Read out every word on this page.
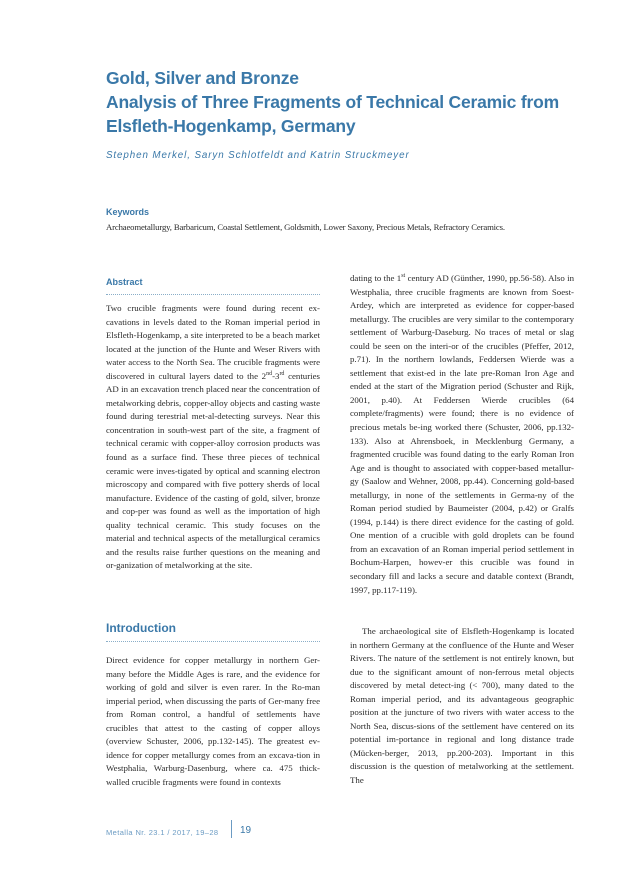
Gold, Silver and Bronze
Analysis of Three Fragments of Technical Ceramic from
Elsfleth-Hogenkamp, Germany
Stephen Merkel, Saryn Schlotfeldt and Katrin Struckmeyer
Keywords
Archaeometallurgy, Barbaricum, Coastal Settlement, Goldsmith, Lower Saxony, Precious Metals, Refractory Ceramics.
Abstract
Two crucible fragments were found during recent ex-cavations in levels dated to the Roman imperial period in Elsfleth-Hogenkamp, a site interpreted to be a beach market located at the junction of the Hunte and Weser Rivers with water access to the North Sea. The crucible fragments were discovered in cultural layers dated to the 2nd-3rd centuries AD in an excavation trench placed near the concentration of metalworking debris, copper-alloy objects and casting waste found during terestrial met-al-detecting surveys. Near this concentration in south-west part of the site, a fragment of technical ceramic with copper-alloy corrosion products was found as a surface find. These three pieces of technical ceramic were inves-tigated by optical and scanning electron microscopy and compared with five pottery sherds of local manufacture. Evidence of the casting of gold, silver, bronze and cop-per was found as well as the importation of high quality technical ceramic. This study focuses on the material and technical aspects of the metallurgical ceramics and the results raise further questions on the meaning and or-ganization of metalworking at the site.
Introduction
Direct evidence for copper metallurgy in northern Ger-many before the Middle Ages is rare, and the evidence for working of gold and silver is even rarer. In the Ro-man imperial period, when discussing the parts of Ger-many free from Roman control, a handful of settlements have crucibles that attest to the casting of copper alloys (overview Schuster, 2006, pp.132-145). The greatest ev-idence for copper metallurgy comes from an excava-tion in Westphalia, Warburg-Dasenburg, where ca. 475 thick-walled crucible fragments were found in contexts
dating to the 1st century AD (Günther, 1990, pp.56-58). Also in Westphalia, three crucible fragments are known from Soest-Ardey, which are interpreted as evidence for copper-based metallurgy. The crucibles are very similar to the contemporary settlement of Warburg-Daseburg. No traces of metal or slag could be seen on the interi-or of the crucibles (Pfeffer, 2012, p.71). In the northern lowlands, Feddersen Wierde was a settlement that exist-ed in the late pre-Roman Iron Age and ended at the start of the Migration period (Schuster and Rijk, 2001, p.40). At Feddersen Wierde crucibles (64 complete/fragments) were found; there is no evidence of precious metals be-ing worked there (Schuster, 2006, pp.132-133). Also at Ahrensboek, in Mecklenburg Germany, a fragmented crucible was found dating to the early Roman Iron Age and is thought to associated with copper-based metallur-gy (Saalow and Wehner, 2008, pp.44). Concerning gold-based metallurgy, in none of the settlements in Germa-ny of the Roman period studied by Baumeister (2004, p.42) or Gralfs (1994, p.144) is there direct evidence for the casting of gold. One mention of a crucible with gold droplets can be found from an excavation of an Roman imperial period settlement in Bochum-Harpen, howev-er this crucible was found in secondary fill and lacks a secure and datable context (Brandt, 1997, pp.117-119).
The archaeological site of Elsfleth-Hogenkamp is located in northern Germany at the confluence of the Hunte and Weser Rivers. The nature of the settlement is not entirely known, but due to the significant amount of non-ferrous metal objects discovered by metal detect-ing (< 700), many dated to the Roman imperial period, and its advantageous geographic position at the juncture of two rivers with water access to the North Sea, discus-sions of the settlement have centered on its potential im-portance in regional and long distance trade (Mücken-berger, 2013, pp.200-203). Important in this discussion is the question of metalworking at the settlement. The
Metalla Nr. 23.1 / 2017, 19–28 19
